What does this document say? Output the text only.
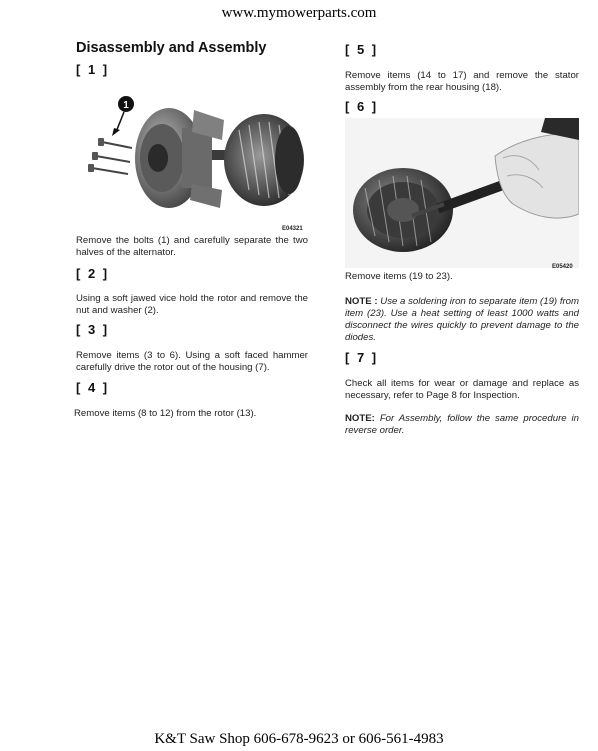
www.mymowerparts.com
Disassembly and Assembly
[ 1 ]
1
E04321
Remove the bolts (1) and carefully separate the two halves of the alternator.
[ 2 ]
Using a soft jawed vice hold the rotor and remove the nut and washer (2).
[ 3 ]
Remove items (3 to 6). Using a soft faced hammer carefully drive the rotor out of the housing (7).
[ 4 ]
Remove items (8 to 12) from the rotor (13).
[ 5 ]
Remove items (14 to 17) and remove the stator assembly from the rear housing (18).
[ 6 ]
E05420
Remove items (19 to 23).
NOTE : Use a soldering iron to separate item (19) from item (23). Use a heat setting of least 1000 watts and disconnect the wires quickly to prevent damage to the diodes.
[ 7 ]
Check all items for wear or damage and replace as necessary, refer to Page 8 for Inspection.
NOTE: For Assembly, follow the same procedure in reverse order.
K&T Saw Shop 606-678-9623 or 606-561-4983
